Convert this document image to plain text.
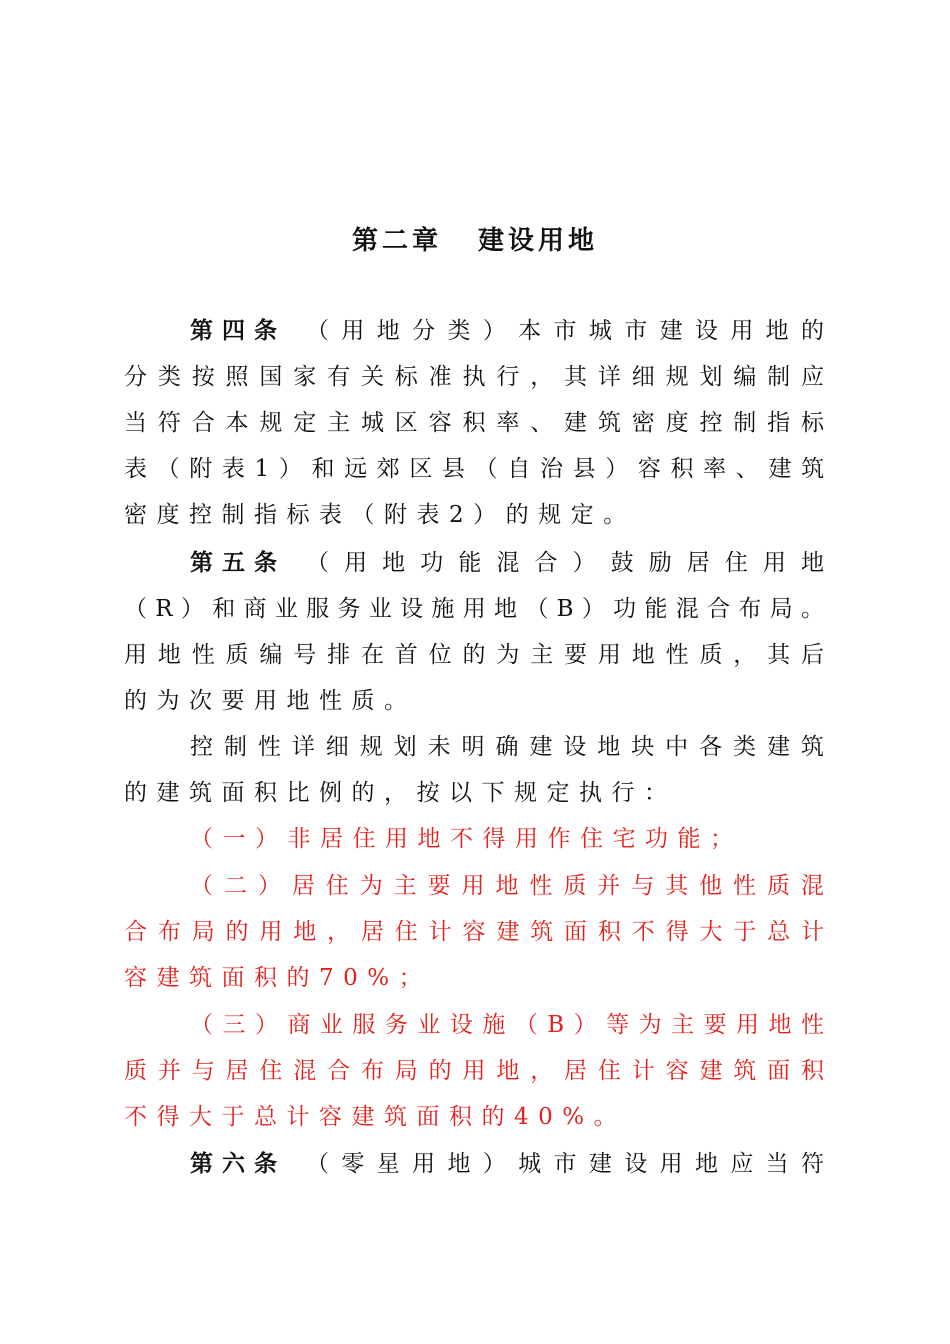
第二章 建设用地
第四条 （用地分类）本市城市建设用地的
分类按照国家有关标准执行，其详细规划编制应
当符合本规定主城区容积率、建筑密度控制指标
表（附表1）和远郊区县（自治县）容积率、建筑
密度控制指标表（附表2）的规定。
第五条 （用地功能混合）鼓励居住用地
（R）和商业服务业设施用地（B）功能混合布局。
用地性质编号排在首位的为主要用地性质，其后
的为次要用地性质。
控制性详细规划未明确建设地块中各类建筑
的建筑面积比例的，按以下规定执行：
（一）非居住用地不得用作住宅功能；
（二）居住为主要用地性质并与其他性质混
合布局的用地，居住计容建筑面积不得大于总计
容建筑面积的70%；
（三）商业服务业设施（B）等为主要用地性
质并与居住混合布局的用地，居住计容建筑面积
不得大于总计容建筑面积的40%。
第六条 （零星用地）城市建设用地应当符
